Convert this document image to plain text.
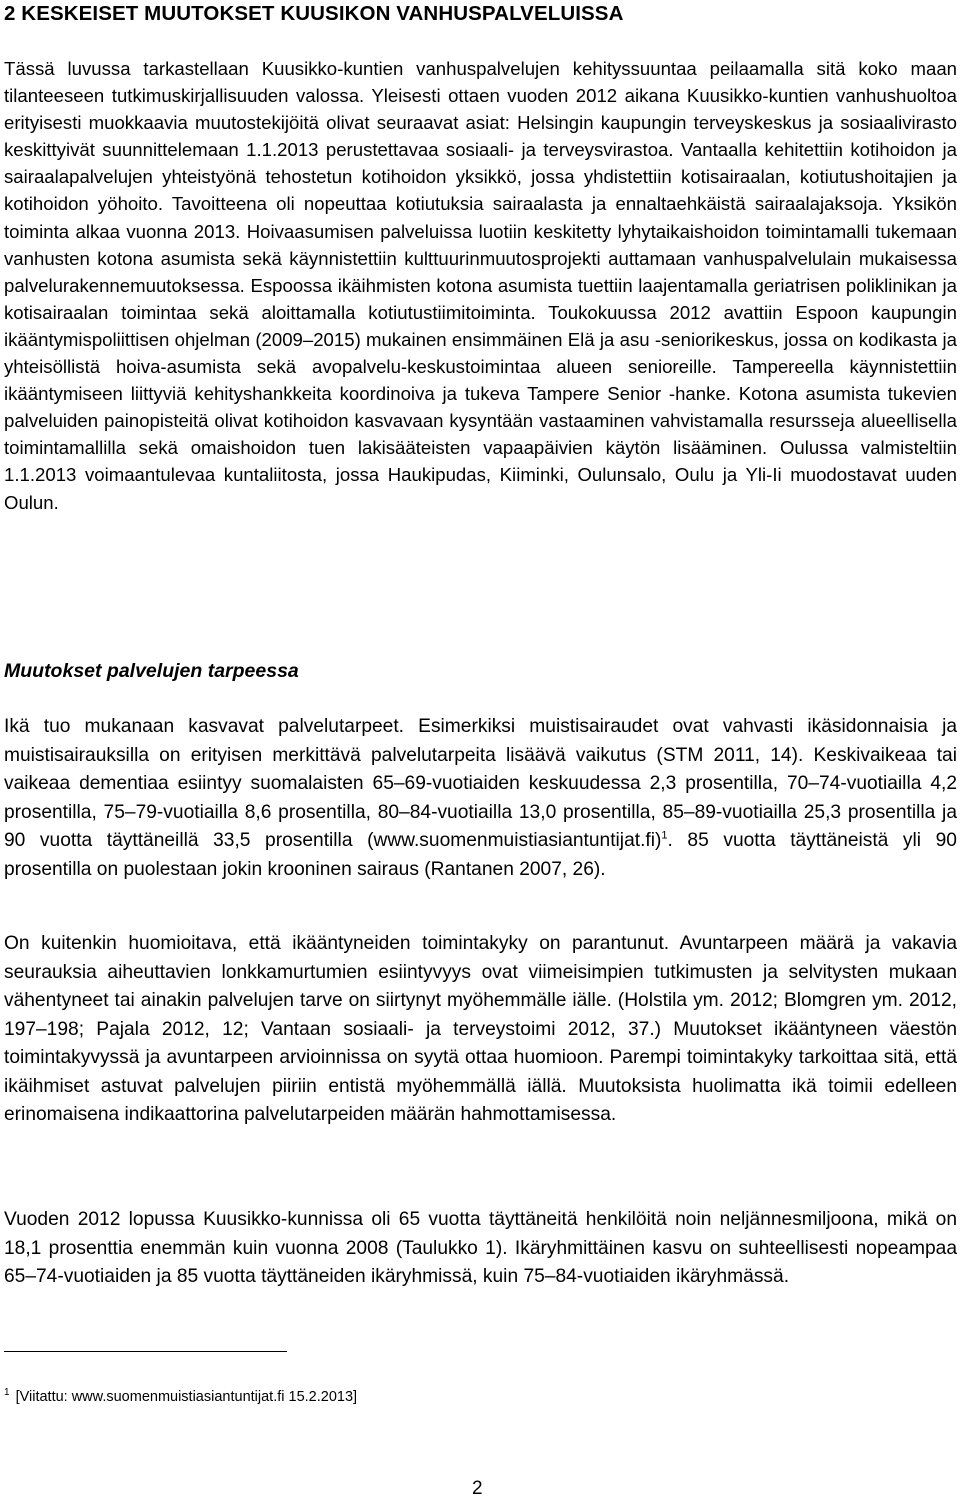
2 KESKEISET MUUTOKSET KUUSIKON VANHUSPALVELUISSA

Tässä luvussa tarkastellaan Kuusikko-kuntien vanhuspalvelujen kehityssuuntaa peilaamalla sitä koko maan tilanteeseen tutkimuskirjallisuuden valossa. Yleisesti ottaen vuoden 2012 aikana Kuusikko-kuntien vanhushuoltoa erityisesti muokkaavia muutostekijöitä olivat seuraavat asiat: Helsingin kaupungin terveyskeskus ja sosiaalivirasto keskittyivät suunnittelemaan 1.1.2013 perustettavaa sosiaali- ja terveysvirastoa. Vantaalla kehitettiin kotihoidon ja sairaalapalvelujen yhteistyönä tehostetun kotihoidon yksikkö, jossa yhdistettiin kotisairaalan, kotiutushoitajien ja kotihoidon yöhoito. Tavoitteena oli nopeuttaa kotiutuksia sairaalasta ja ennaltaehkäistä sairaalajaksoja. Yksikön toiminta alkaa vuonna 2013. Hoivaasumisen palveluissa luotiin keskitetty lyhytaikaishoidon toimintamalli tukemaan vanhusten kotona asumista sekä käynnistettiin kulttuurinmuutosprojekti auttamaan vanhuspalvelulain mukaisessa palvelurakennemuutoksessa. Espoossa ikäihmisten kotona asumista tuettiin laajentamalla geriatrisen poliklinikan ja kotisairaalan toimintaa sekä aloittamalla kotiutustiimitoiminta. Toukokuussa 2012 avattiin Espoon kaupungin ikääntymispoliittisen ohjelman (2009–2015) mukainen ensimmäinen Elä ja asu -seniorikeskus, jossa on kodikasta ja yhteisöllistä hoiva-asumista sekä avopalvelu-keskustoimintaa alueen senioreille. Tampereella käynnistettiin ikääntymiseen liittyviä kehityshankkeita koordinoiva ja tukeva Tampere Senior -hanke. Kotona asumista tukevien palveluiden painopisteitä olivat kotihoidon kasvavaan kysyntään vastaaminen vahvistamalla resursseja alueellisella toimintamallilla sekä omaishoidon tuen lakisääteisten vapaapäivien käytön lisääminen. Oulussa valmisteltiin 1.1.2013 voimaantulevaa kuntaliitosta, jossa Haukipudas, Kiiminki, Oulunsalo, Oulu ja Yli-Ii muodostavat uuden Oulun.

Muutokset palvelujen tarpeessa

Ikä tuo mukanaan kasvavat palvelutarpeet. Esimerkiksi muistisairaudet ovat vahvasti ikäsidonnaisia ja muistisairauksilla on erityisen merkittävä palvelutarpeita lisäävä vaikutus (STM 2011, 14). Keskivaikeaa tai vaikeaa dementiaa esiintyy suomalaisten 65–69-vuotiaiden keskuudessa 2,3 prosentilla, 70–74-vuotiailla 4,2 prosentilla, 75–79-vuotiailla 8,6 prosentilla, 80–84-vuotiailla 13,0 prosentilla, 85–89-vuotiailla 25,3 prosentilla ja 90 vuotta täyttäneillä 33,5 prosentilla (www.suomenmuistiasiantuntijat.fi)$^1$. 85 vuotta täyttäneistä yli 90 prosentilla on puolestaan jokin krooninen sairaus (Rantanen 2007, 26).

On kuitenkin huomioitava, että ikääntyneiden toimintakyky on parantunut. Avuntarpeen määrä ja vakavia seurauksia aiheuttavien lonkkamurtumien esiintyvyys ovat viimeisimpien tutkimusten ja selvitysten mukaan vähentyneet tai ainakin palvelujen tarve on siirtynyt myöhemmälle iälle. (Holstila ym. 2012; Blomgren ym. 2012, 197–198; Pajala 2012, 12; Vantaan sosiaali- ja terveystoimi 2012, 37.) Muutokset ikääntyneen väestön toimintakyvyssä ja avuntarpeen arvioinnissa on syytä ottaa huomioon. Parempi toimintakyky tarkoittaa sitä, että ikäihmiset astuvat palvelujen piiriin entistä myöhemmällä iällä. Muutoksista huolimatta ikä toimii edelleen erinomaisena indikaattorina palvelutarpeiden määrän hahmottamisessa.

Vuoden 2012 lopussa Kuusikko-kunnissa oli 65 vuotta täyttäneitä henkilöitä noin neljännesmiljoona, mikä on 18,1 prosenttia enemmän kuin vuonna 2008 (Taulukko 1). Ikäryhmittäinen kasvu on suhteellisesti nopeampaa 65–74-vuotiaiden ja 85 vuotta täyttäneiden ikäryhmissä, kuin 75–84-vuotiaiden ikäryhmässä.

$^1$ [Viitattu: www.suomenmuistiasiantuntijat.fi 15.2.2013]
2
